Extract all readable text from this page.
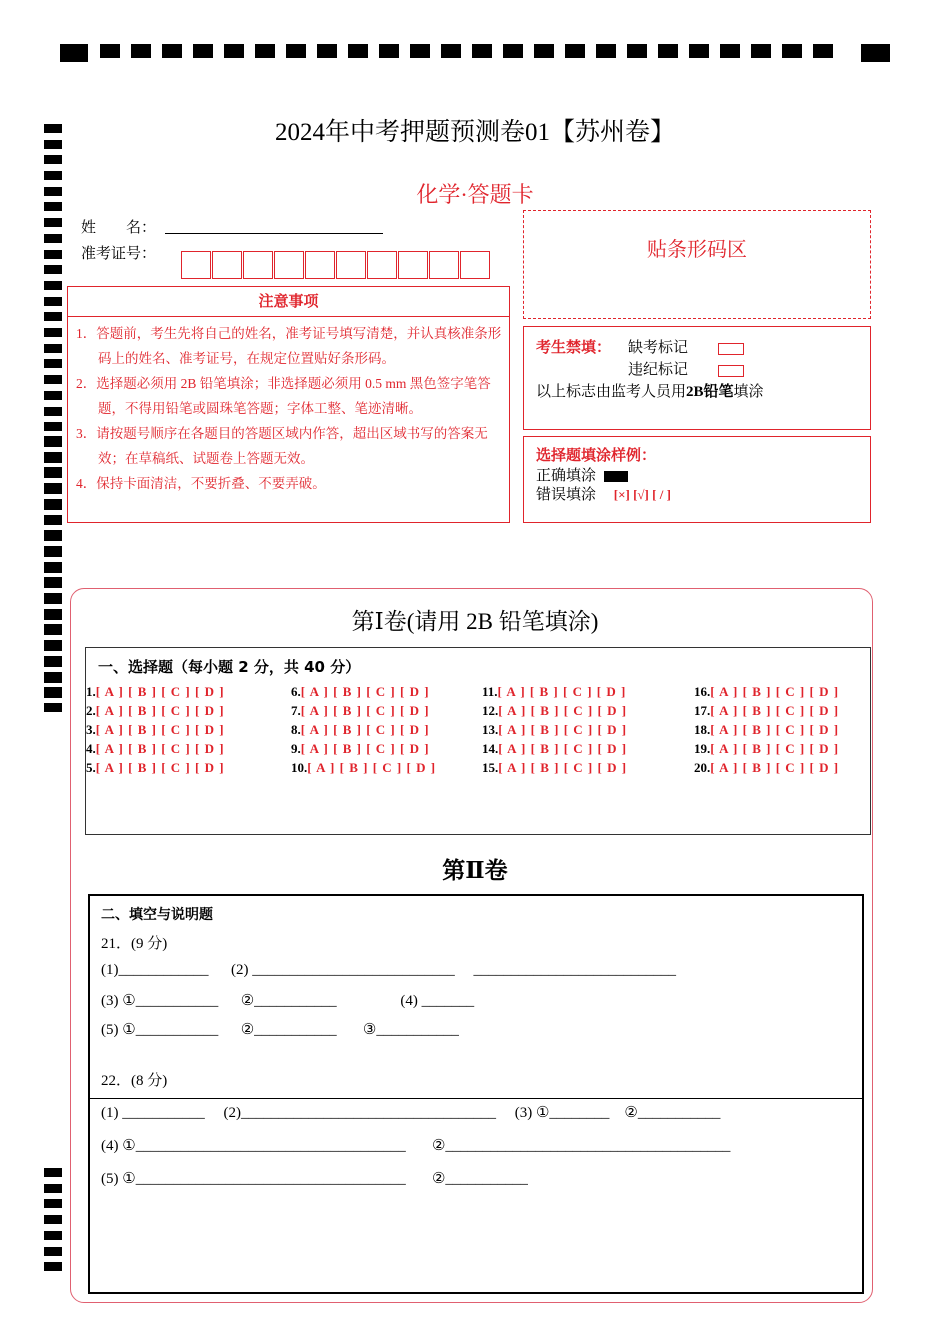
2024年中考押题预测卷01【苏州卷】
化学·答题卡
姓　　名：
准考证号：
注意事项
1．答题前，考生先将自己的姓名，准考证号填写清楚，并认真核准条形码上的姓名、准考证号，在规定位置贴好条形码。
2．选择题必须用 2B 铅笔填涂；非选择题必须用 0.5 mm 黑色签字笔答题，不得用铅笔或圆珠笔答题；字体工整、笔迹清晰。
3．请按题号顺序在各题目的答题区域内作答，超出区域书写的答案无效；在草稿纸、试题卷上答题无效。
4．保持卡面清洁，不要折叠、不要弄破。
贴条形码区
考生禁填： 缺考标记
违纪标记
以上标志由监考人员用2B铅笔填涂
选择题填涂样例：
正确填涂
错误填涂 [×] [√] [ / ]
第Ⅰ卷(请用 2B 铅笔填涂)
一、选择题（每小题 2 分，共 40 分）
1.[ A ] [ B ] [ C ] [ D ]
2.[ A ] [ B ] [ C ] [ D ]
3.[ A ] [ B ] [ C ] [ D ]
4.[ A ] [ B ] [ C ] [ D ]
5.[ A ] [ B ] [ C ] [ D ]
6.[ A ] [ B ] [ C ] [ D ]
7.[ A ] [ B ] [ C ] [ D ]
8.[ A ] [ B ] [ C ] [ D ]
9.[ A ] [ B ] [ C ] [ D ]
10.[ A ] [ B ] [ C ] [ D ]
11.[ A ] [ B ] [ C ] [ D ]
12.[ A ] [ B ] [ C ] [ D ]
13.[ A ] [ B ] [ C ] [ D ]
14.[ A ] [ B ] [ C ] [ D ]
15.[ A ] [ B ] [ C ] [ D ]
16.[ A ] [ B ] [ C ] [ D ]
17.[ A ] [ B ] [ C ] [ D ]
18.[ A ] [ B ] [ C ] [ D ]
19.[ A ] [ B ] [ C ] [ D ]
20.[ A ] [ B ] [ C ] [ D ]
第Ⅱ卷
二、填空与说明题
21．(9 分)
(1)____________      (2) ___________________________     ___________________________
(3) ①___________      ②___________                 (4) _______
(5) ①___________      ②___________       ③___________
22．(8 分)
(1) ___________     (2)__________________________________     (3) ①________    ②___________
(4) ①____________________________________       ②______________________________________
(5) ①____________________________________       ②___________
